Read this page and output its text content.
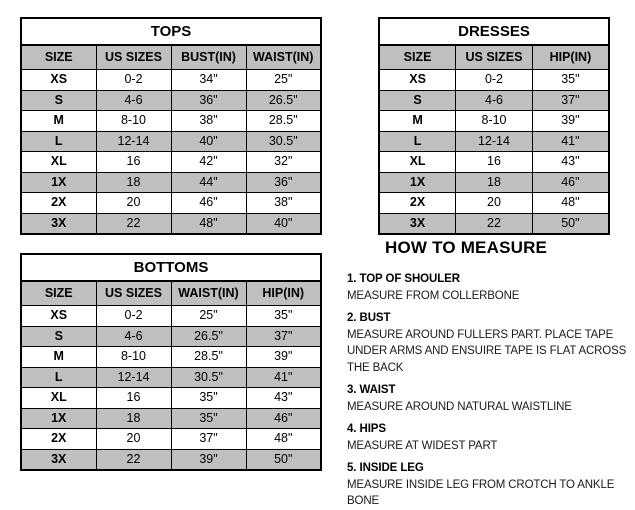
TOPS			
SIZE	US SIZES	BUST(IN)	WAIST(IN)
XS	0-2	34"	25"
S	4-6	36"	26.5"
M	8-10	38"	28.5"
L	12-14	40"	30.5"
XL	16	42"	32"
1X	18	44"	36"
2X	20	46"	38"
3X	22	48"	40"
DRESSES		
SIZE	US SIZES	HIP(IN)
XS	0-2	35"
S	4-6	37"
M	8-10	39"
L	12-14	41"
XL	16	43"
1X	18	46"
2X	20	48"
3X	22	50"
BOTTOMS			
SIZE	US SIZES	WAIST(IN)	HIP(IN)
XS	0-2	25"	35"
S	4-6	26.5"	37"
M	8-10	28.5"	39"
L	12-14	30.5"	41"
XL	16	35"	43"
1X	18	35"	46"
2X	20	37"	48"
3X	22	39"	50"
HOW TO MEASURE
1. TOP OF SHOULER
MEASURE FROM COLLERBONE
2. BUST
MEASURE AROUND FULLERS PART. PLACE TAPE UNDER ARMS AND ENSUIRE TAPE IS FLAT ACROSS THE BACK
3. WAIST
MEASURE AROUND NATURAL WAISTLINE
4. HIPS
MEASURE AT WIDEST PART
5. INSIDE LEG
MEASURE INSIDE LEG FROM CROTCH TO ANKLE BONE
